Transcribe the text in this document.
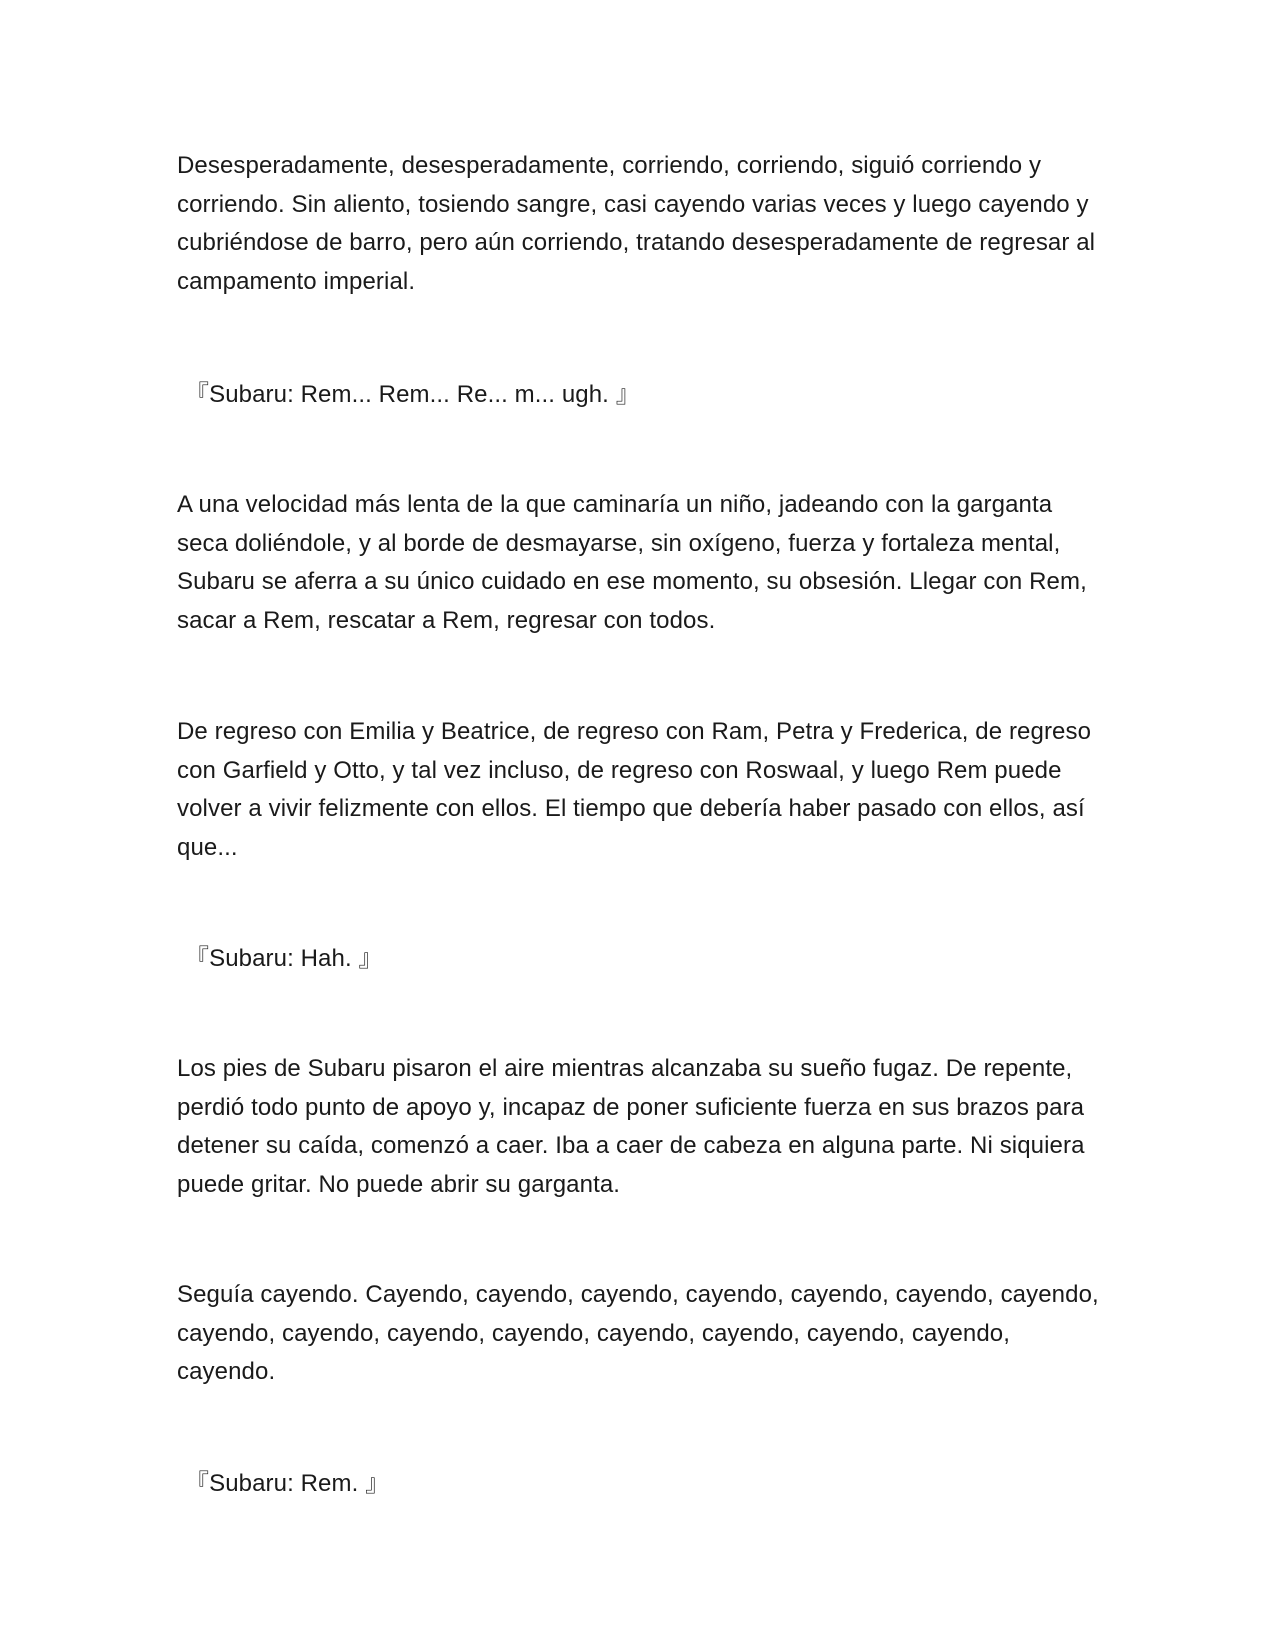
Desesperadamente, desesperadamente, corriendo, corriendo, siguió corriendo y corriendo. Sin aliento, tosiendo sangre, casi cayendo varias veces y luego cayendo y cubriéndose de barro, pero aún corriendo, tratando desesperadamente de regresar al campamento imperial.

『Subaru: Rem... Rem... Re... m... ugh. 』

A una velocidad más lenta de la que caminaría un niño, jadeando con la garganta seca doliéndole, y al borde de desmayarse, sin oxígeno, fuerza y fortaleza mental, Subaru se aferra a su único cuidado en ese momento, su obsesión. Llegar con Rem, sacar a Rem, rescatar a Rem, regresar con todos.

De regreso con Emilia y Beatrice, de regreso con Ram, Petra y Frederica, de regreso con Garfield y Otto, y tal vez incluso, de regreso con Roswaal, y luego Rem puede volver a vivir felizmente con ellos. El tiempo que debería haber pasado con ellos, así que...

『Subaru: Hah. 』

Los pies de Subaru pisaron el aire mientras alcanzaba su sueño fugaz. De repente, perdió todo punto de apoyo y, incapaz de poner suficiente fuerza en sus brazos para detener su caída, comenzó a caer. Iba a caer de cabeza en alguna parte. Ni siquiera puede gritar. No puede abrir su garganta.

Seguía cayendo. Cayendo, cayendo, cayendo, cayendo, cayendo, cayendo, cayendo, cayendo, cayendo, cayendo, cayendo, cayendo, cayendo, cayendo, cayendo, cayendo.

『Subaru: Rem. 』
